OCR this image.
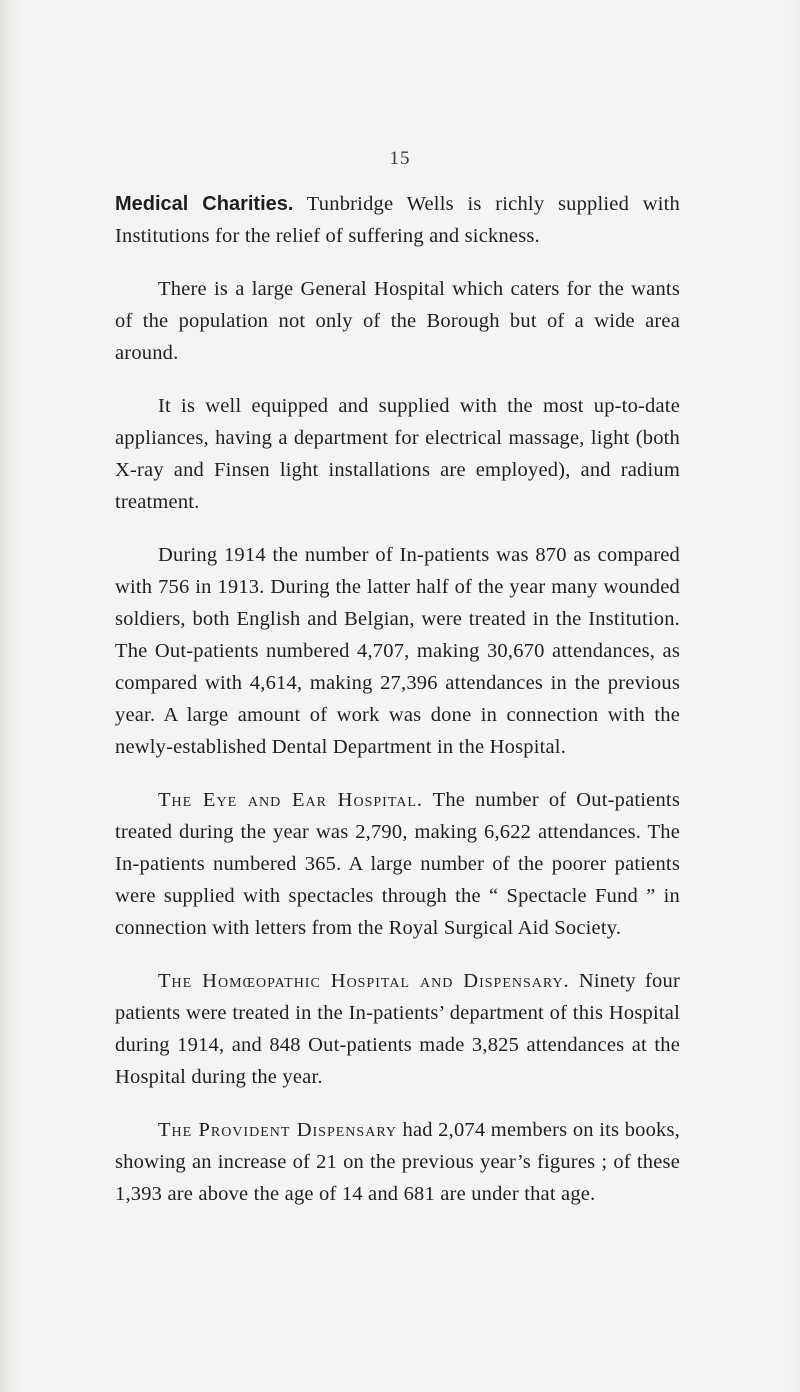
15

Medical Charities. Tunbridge Wells is richly supplied with Institutions for the relief of suffering and sickness.

There is a large General Hospital which caters for the wants of the population not only of the Borough but of a wide area around.

It is well equipped and supplied with the most up-to-date appliances, having a department for electrical massage, light (both X-ray and Finsen light installations are employed), and radium treatment.

During 1914 the number of In-patients was 870 as compared with 756 in 1913. During the latter half of the year many wounded soldiers, both English and Belgian, were treated in the Institution. The Out-patients numbered 4,707, making 30,670 attendances, as compared with 4,614, making 27,396 attendances in the previous year. A large amount of work was done in connection with the newly-established Dental Department in the Hospital.

The Eye and Ear Hospital. The number of Out-patients treated during the year was 2,790, making 6,622 attendances. The In-patients numbered 365. A large number of the poorer patients were supplied with spectacles through the “ Spectacle Fund ” in connection with letters from the Royal Surgical Aid Society.

The Homœopathic Hospital and Dispensary. Ninety four patients were treated in the In-patients’ department of this Hospital during 1914, and 848 Out-patients made 3,825 attendances at the Hospital during the year.

The Provident Dispensary had 2,074 members on its books, showing an increase of 21 on the previous year’s figures ; of these 1,393 are above the age of 14 and 681 are under that age.
